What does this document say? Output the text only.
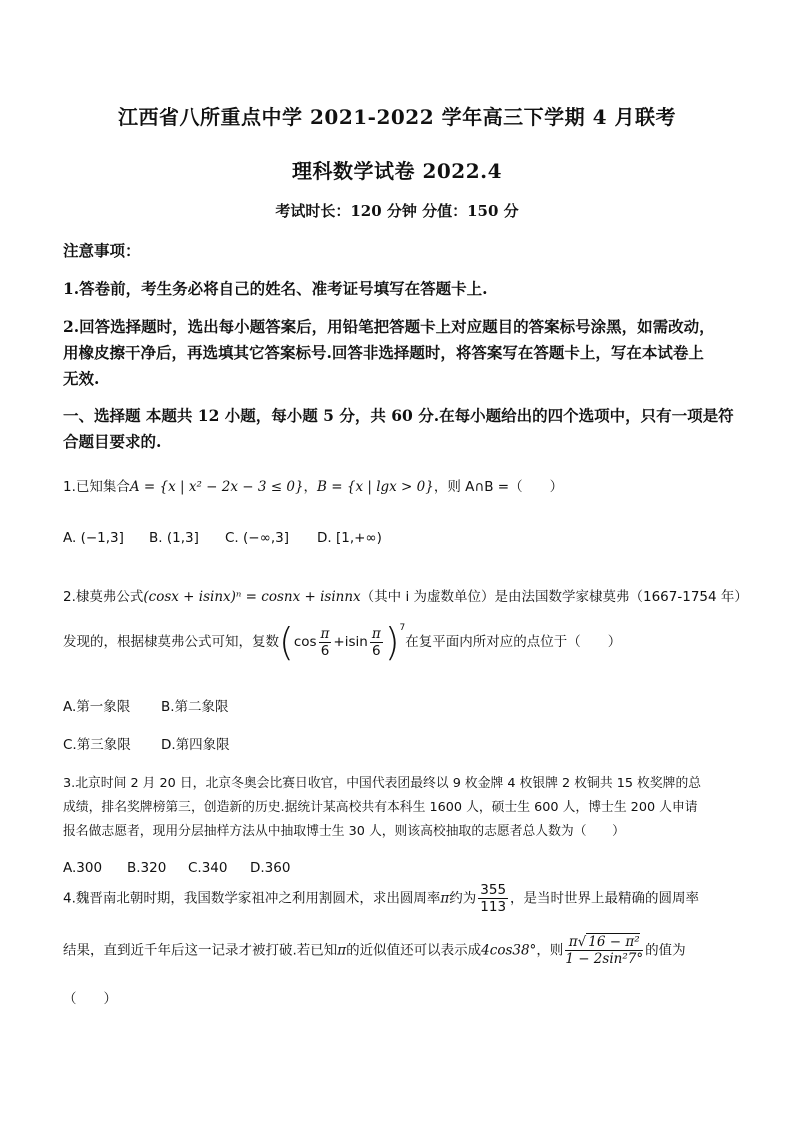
江西省八所重点中学 2021-2022 学年高三下学期 4 月联考
理科数学试卷 2022.4
考试时长：120 分钟 分值：150 分
注意事项：
1.答卷前，考生务必将自己的姓名、准考证号填写在答题卡上.
2.回答选择题时，选出每小题答案后，用铅笔把答题卡上对应题目的答案标号涂黑，如需改动，
用橡皮擦干净后，再选填其它答案标号.回答非选择题时，将答案写在答题卡上，写在本试卷上
无效.
一、选择题 本题共 12 小题，每小题 5 分，共 60 分.在每小题给出的四个选项中，只有一项是符
合题目要求的.
1.已知集合A = {x | x² − 2x − 3 ≤ 0}，B = {x | lgx > 0}，则 A∩B =（　　）
A. (−1,3] B. (1,3] C. (−∞,3] D. [1,+∞)
2.棣莫弗公式(cosx + isinx)ⁿ = cosnx + isinnx（其中 i 为虚数单位）是由法国数学家棣莫弗（1667-1754 年）
发现的，根据棣莫弗公式可知，复数$(\cos \frac{\pi}{6} +isin \frac{\pi}{6} )^7$在复平面内所对应的点位于（　　）
A.第一象限 B.第二象限
C.第三象限 D.第四象限
3.北京时间 2 月 20 日，北京冬奥会比赛日收官，中国代表团最终以 9 枚金牌 4 枚银牌 2 枚铜共 15 枚奖牌的总
成绩，排名奖牌榜第三，创造新的历史.据统计某高校共有本科生 1600 人，硕士生 600 人，博士生 200 人申请
报名做志愿者，现用分层抽样方法从中抽取博士生 30 人，则该高校抽取的志愿者总人数为（　　）
A.300 B.320 C.340 D.360
4.魏晋南北朝时期，我国数学家祖冲之利用割圆术，求出圆周率π约为 $\frac{355}{113}$ ，是当时世界上最精确的圆周率
结果，直到近千年后这一记录才被打破.若已知π的近似值还可以表示成4cos38°，则 $\frac{\text{π√ 16 − π²}}{\text{1 − 2sin²7°}}$ 的值为
（　　）
